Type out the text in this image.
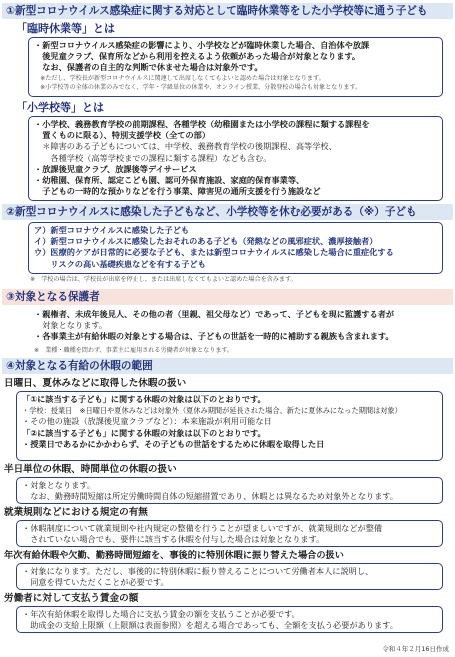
①新型コロナウイルス感染症に関する対応として臨時休業等をした小学校等に通う子ども
「臨時休業等」とは
・新型コロナウイルス感染症の影響により、小学校などが臨時休業した場合、自治体や放課
　後児童クラブ、保育所などから利用を控えるよう依頼があった場合が対象となります。
　なお、保護者の自主的な判断で休ませた場合は対象外です。
　※ただし、学校長が新型コロナウイルスに関連して出席しなくてもよいと認めた場合は対象となります。
　※小学校等の全体の休業のみでなく、学年・学級単位の休業や、オンライン授業、分散登校の場合も対象となります。
「小学校等」とは
・小学校、義務教育学校の前期課程、各種学校（幼稚園または小学校の課程に類する課程を
　置くものに限る）、特別支援学校（全ての部）
　＊障害のある子どもについては、中学校、義務教育学校の後期課程、高等学校、
　　各種学校（高等学校までの課程に類する課程）なども含む。
・放課後児童クラブ、放課後等デイサービス
・幼稚園、保育所、認定こども園、認可外保育施設、家庭的保育事業等、
　子どもの一時的な預かりなどを行う事業、障害児の通所支援を行う施設など
②新型コロナウイルスに感染した子どもなど、小学校等を休む必要がある（※）子ども
ア）新型コロナウイルスに感染した子ども
イ）新型コロナウイルスに感染したおそれのある子ども（発熱などの風邪症状、濃厚接触者）
ウ）医療的ケアが日常的に必要な子ども、または新型コロナウイルスに感染した場合に重症化する
　　リスクの高い基礎疾患などを有する子ども
※　学校の場合は、学校長が出席を停止し、または出席しなくてもよいと認めた場合を含みます。
③対象となる保護者
・親権者、未成年後見人、その他の者（里親、祖父母など）であって、子どもを現に監護する者が
　対象となります。
・各事業主が有給休暇の対象とする場合は、子どもの世話を一時的に補助する親族も含まれます。
※　業種・職種を問わず、事業主に雇用される労働者が対象となります。
④対象となる有給の休暇の範囲
日曜日、夏休みなどに取得した休暇の扱い
「①に該当する子ども」に関する休暇の対象は以下のとおりです。
・学校：授業日　※日曜日や夏休みなどは対象外（夏休み期間が延長された場合、新たに夏休みになった期間は対象）
・その他の施設（放課後児童クラブなど）：本来施設が利用可能な日
「②に該当する子ども」に関する休暇の対象は以下のとおりです。
・授業日であるかにかかわらず、その子どもの世話をするために休暇を取得した日
半日単位の休暇、時間単位の休暇の扱い
・対象となります。
　なお、勤務時間短縮は所定労働時間自体の短縮措置であり、休暇とは異なるため対象外となります。
就業規則などにおける規定の有無
・休暇制度について就業規則や社内規定の整備を行うことが望ましいですが、就業規則などが整備
　されていない場合でも、要件に該当する休暇を付与した場合は対象となります。
年次有給休暇や欠勤、勤務時間短縮を、事後的に特別休暇に振り替えた場合の扱い
・対象になります。ただし、事後的に特別休暇に振り替えることについて労働者本人に説明し、
　同意を得ていただくことが必要です。
労働者に対して支払う賃金の額
・年次有給休暇を取得した場合に支払う賃金の額を支払うことが必要です。
　助成金の支給上限額（上限額は表面参照）を超える場合であっても、全額を支払う必要があります。
令和４年２月16日作成
